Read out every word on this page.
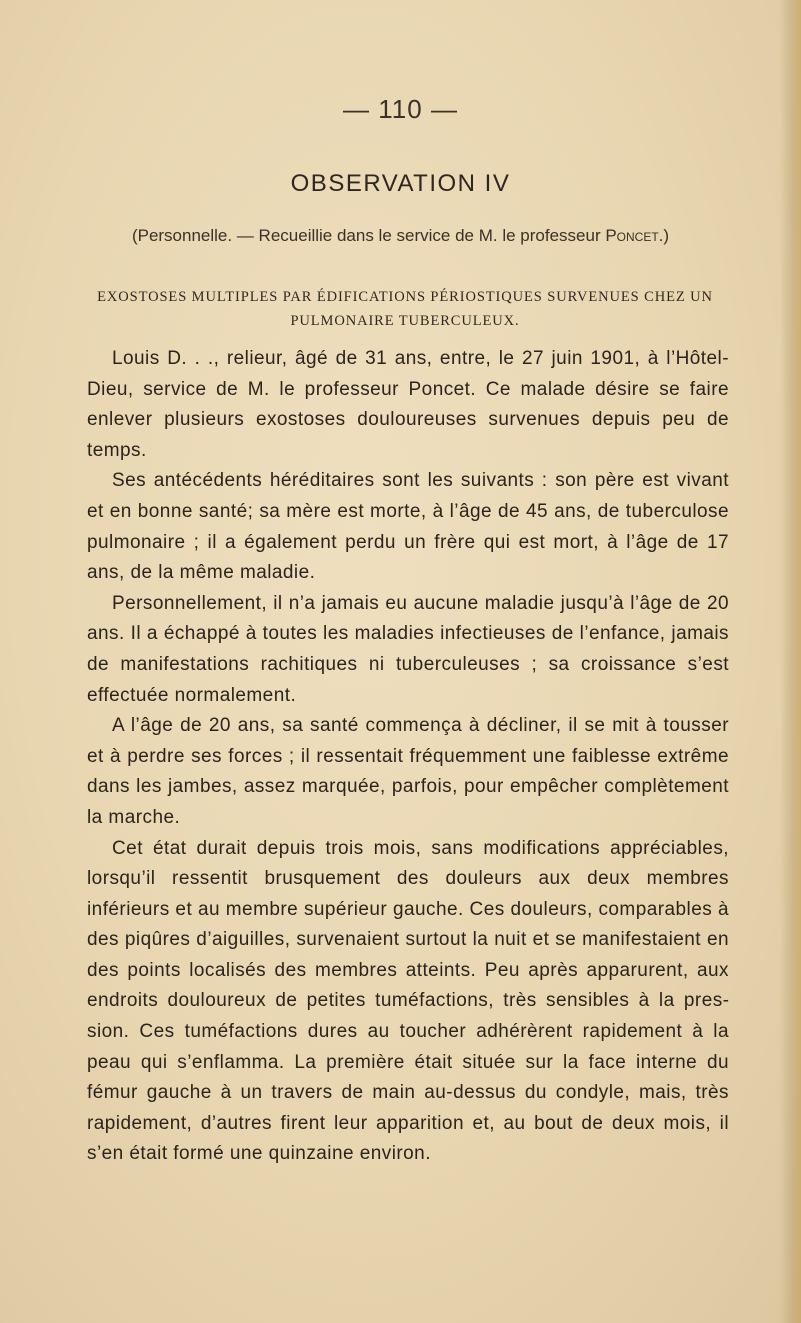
— 110 —
OBSERVATION IV
(Personnelle. — Recueillie dans le service de M. le professeur Poncet.)
EXOSTOSES MULTIPLES PAR ÉDIFICATIONS PÉRIOSTIQUES SURVENUES CHEZ UN PULMONAIRE TUBERCULEUX.

Louis D. . ., relieur, âgé de 31 ans, entre, le 27 juin 1901, à l’Hôtel-Dieu, service de M. le professeur Poncet. Ce malade désire se faire enlever plusieurs exostoses douloureuses survenues depuis peu de temps.

Ses antécédents héréditaires sont les suivants : son père est vivant et en bonne santé; sa mère est morte, à l’âge de 45 ans, de tuberculose pulmonaire ; il a également perdu un frère qui est mort, à l’âge de 17 ans, de la même maladie.

Personnellement, il n’a jamais eu aucune maladie jusqu’à l’âge de 20 ans. Il a échappé à toutes les maladies infectieuses de l’enfance, jamais de manifestations rachitiques ni tuberculeuses ; sa croissance s’est effectuée normalement.

A l’âge de 20 ans, sa santé commença à décliner, il se mit à tousser et à perdre ses forces ; il ressentait fréquemment une faiblesse extrême dans les jambes, assez marquée, parfois, pour empêcher complètement la marche.

Cet état durait depuis trois mois, sans modifications appréciables, lorsqu’il ressentit brusquement des douleurs aux deux membres inférieurs et au membre supérieur gauche. Ces douleurs, comparables à des piqûres d’aiguilles, survenaient surtout la nuit et se manifestaient en des points localisés des membres atteints. Peu après apparurent, aux endroits douloureux de petites tuméfactions, très sensibles à la pression. Ces tuméfactions dures au toucher adhérèrent rapidement à la peau qui s’enflamma. La première était située sur la face interne du fémur gauche à un travers de main au-dessus du condyle, mais, très rapidement, d’autres firent leur apparition et, au bout de deux mois, il s’en était formé une quinzaine environ.
